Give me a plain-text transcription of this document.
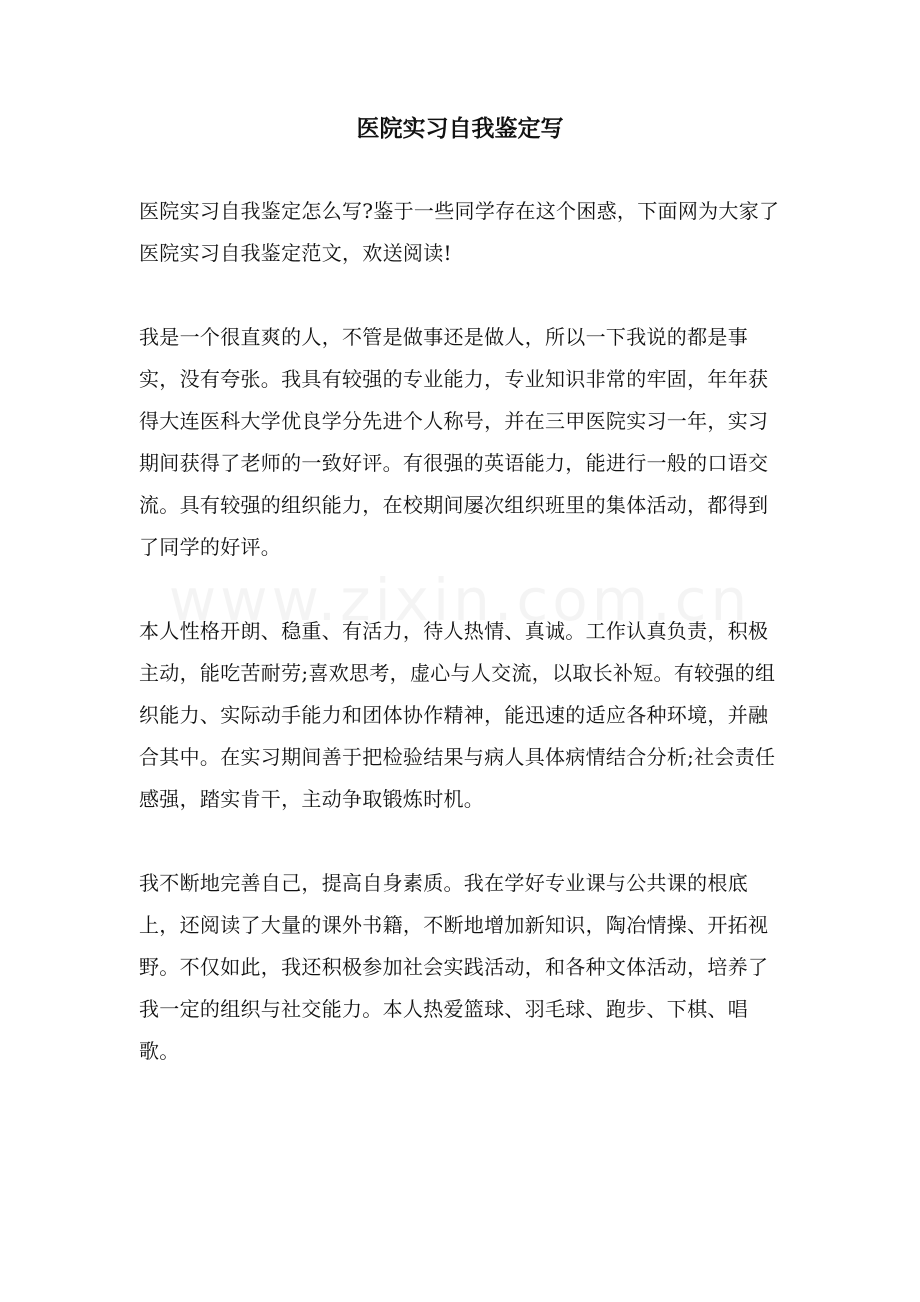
医院实习自我鉴定写

医院实习自我鉴定怎么写?鉴于一些同学存在这个困惑，下面网为大家了医院实习自我鉴定范文，欢送阅读!

我是一个很直爽的人，不管是做事还是做人，所以一下我说的都是事实，没有夸张。我具有较强的专业能力，专业知识非常的牢固，年年获得大连医科大学优良学分先进个人称号，并在三甲医院实习一年，实习期间获得了老师的一致好评。有很强的英语能力，能进行一般的口语交流。具有较强的组织能力，在校期间屡次组织班里的集体活动，都得到了同学的好评。

本人性格开朗、稳重、有活力，待人热情、真诚。工作认真负责，积极主动，能吃苦耐劳;喜欢思考，虚心与人交流，以取长补短。有较强的组织能力、实际动手能力和团体协作精神，能迅速的适应各种环境，并融合其中。在实习期间善于把检验结果与病人具体病情结合分析;社会责任感强，踏实肯干，主动争取锻炼时机。

我不断地完善自己，提高自身素质。我在学好专业课与公共课的根底上，还阅读了大量的课外书籍，不断地增加新知识，陶冶情操、开拓视野。不仅如此，我还积极参加社会实践活动，和各种文体活动，培养了我一定的组织与社交能力。本人热爱篮球、羽毛球、跑步、下棋、唱歌。
